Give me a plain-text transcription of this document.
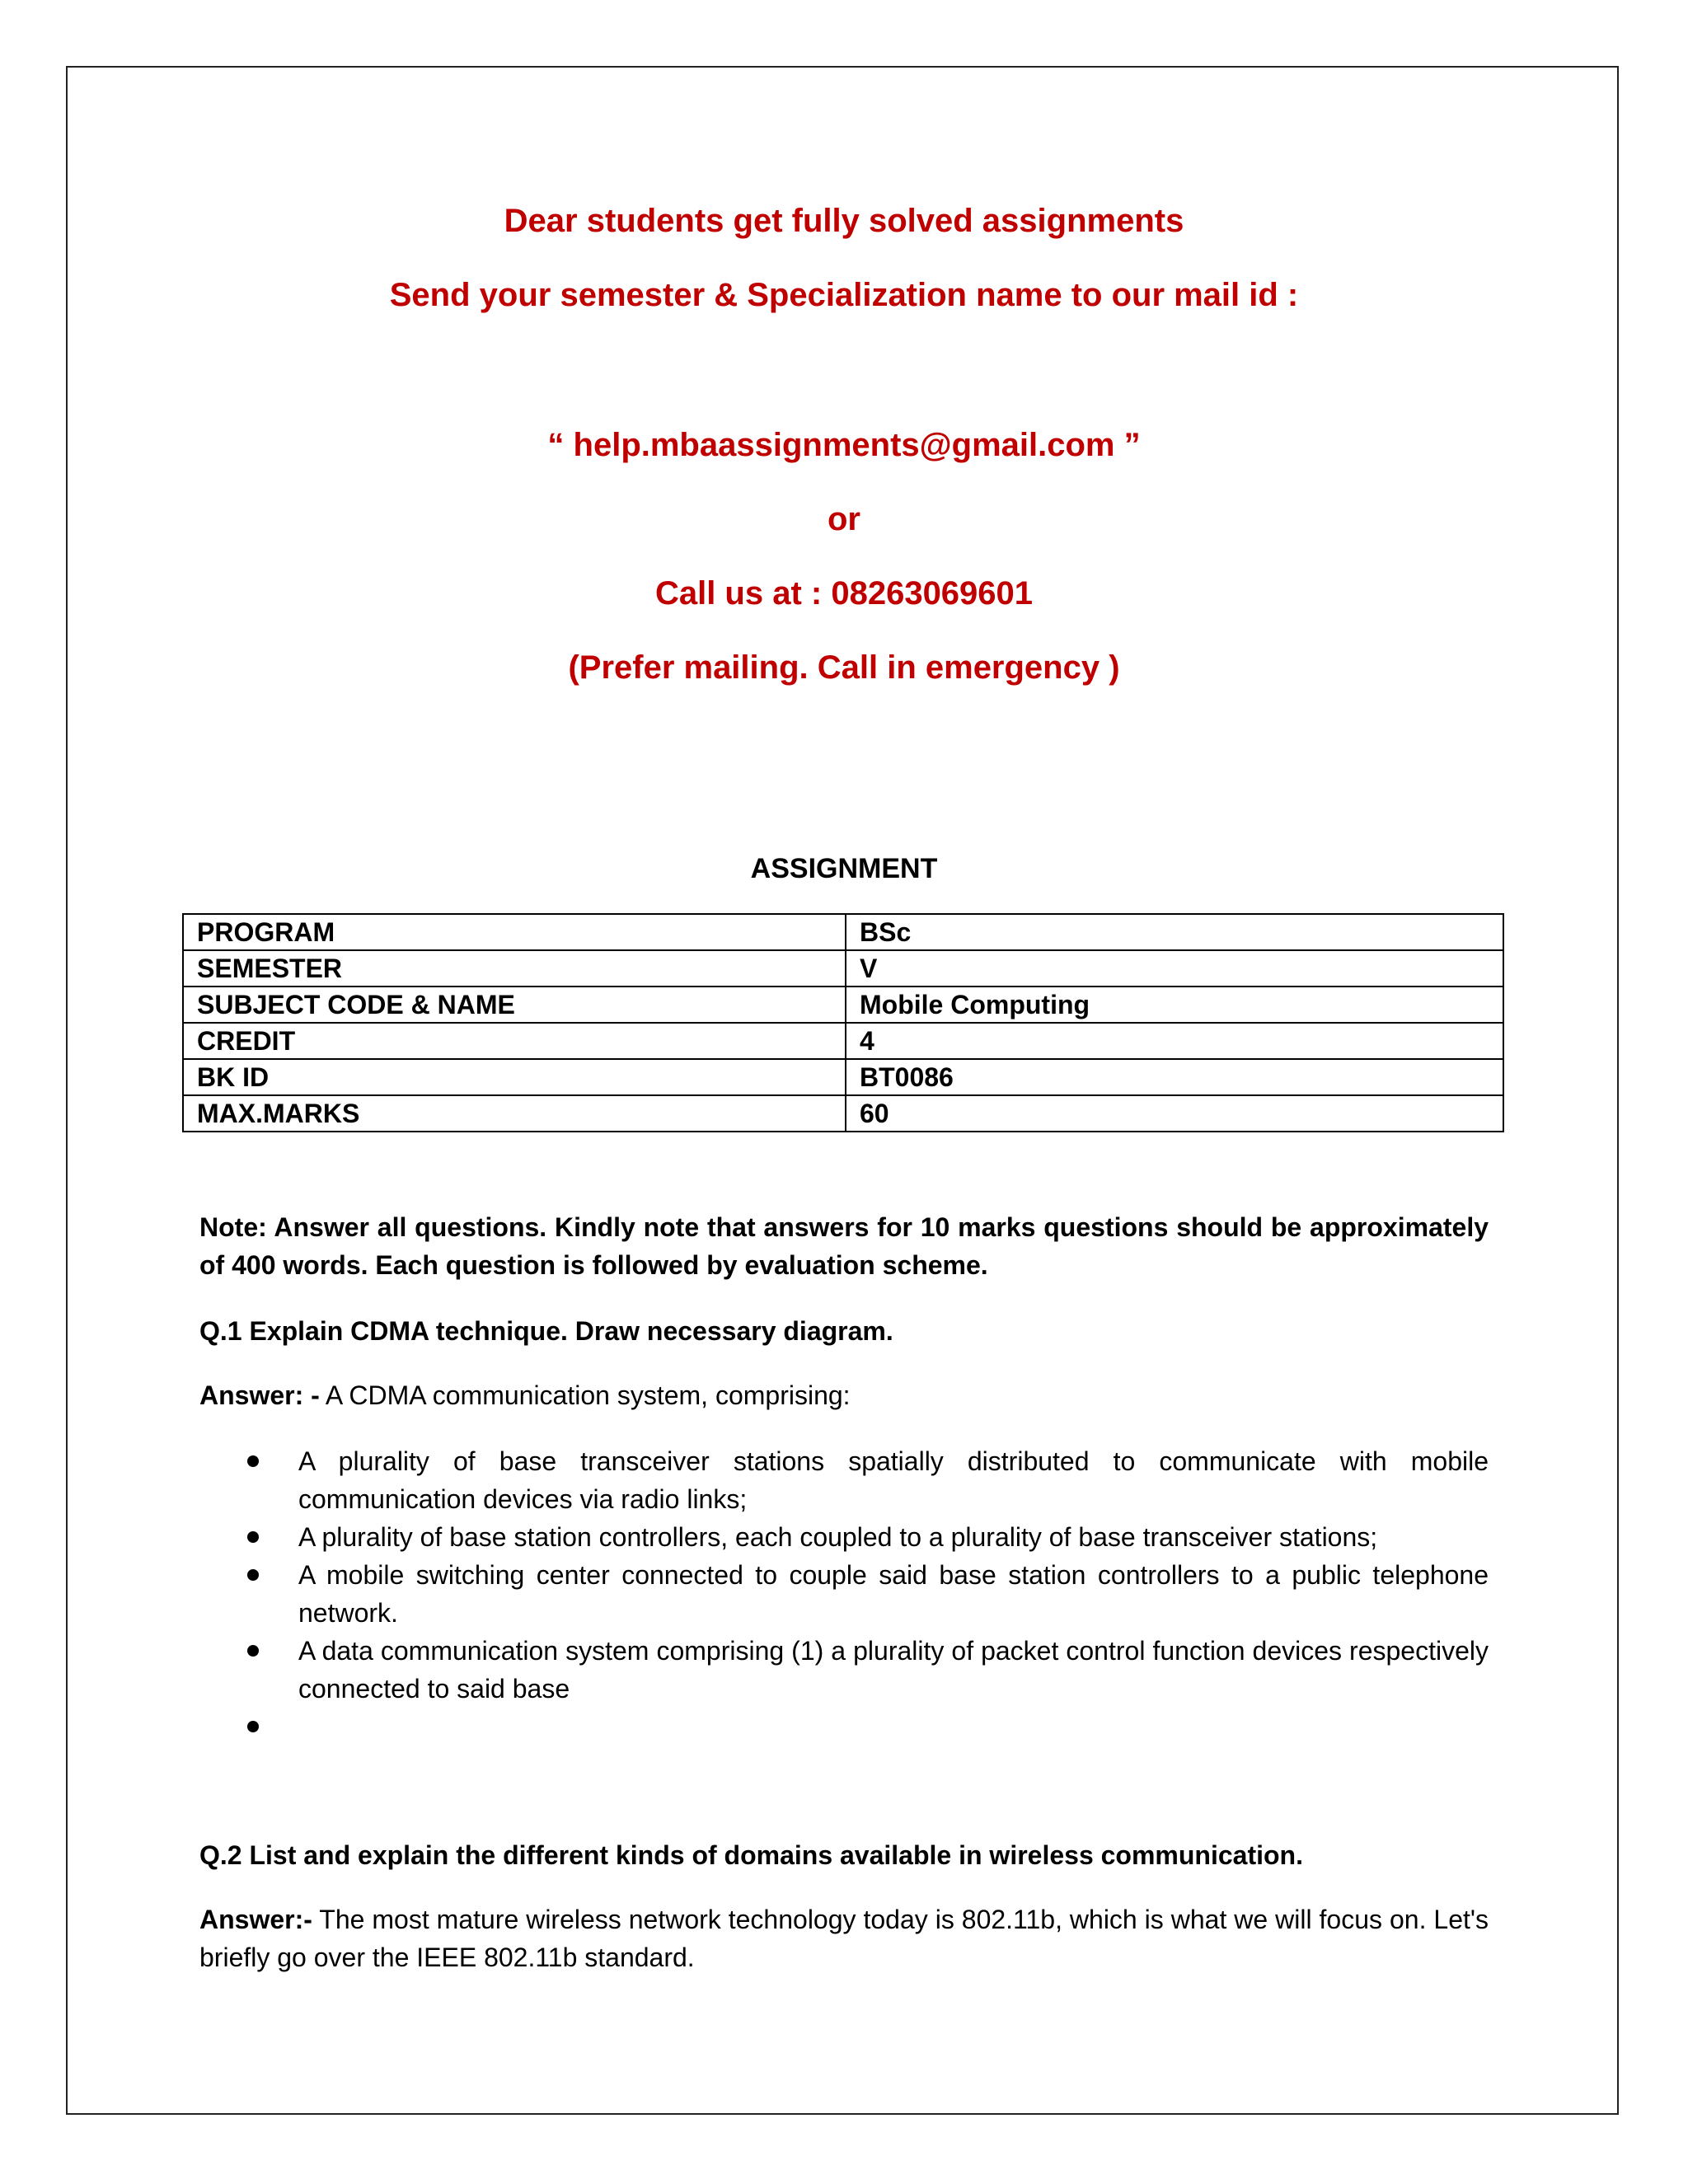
Dear students get fully solved assignments
Send your semester & Specialization name to our mail id :
“ help.mbaassignments@gmail.com ”
or
Call us at : 08263069601
(Prefer mailing. Call in emergency )
ASSIGNMENT
PROGRAM	BSc
SEMESTER	V
SUBJECT CODE & NAME	Mobile Computing
CREDIT	4
BK ID	BT0086
MAX.MARKS	60
Note: Answer all questions. Kindly note that answers for 10 marks questions should be approximately of 400 words. Each question is followed by evaluation scheme.
Q.1 Explain CDMA technique. Draw necessary diagram.
Answer: - A CDMA communication system, comprising:
A plurality of base transceiver stations spatially distributed to communicate with mobile communication devices via radio links;
A plurality of base station controllers, each coupled to a plurality of base transceiver stations;
A mobile switching center connected to couple said base station controllers to a public telephone network.
A data communication system comprising (1) a plurality of packet control function devices respectively connected to said base
Q.2 List and explain the different kinds of domains available in wireless communication.
Answer:- The most mature wireless network technology today is 802.11b, which is what we will focus on. Let's briefly go over the IEEE 802.11b standard.
